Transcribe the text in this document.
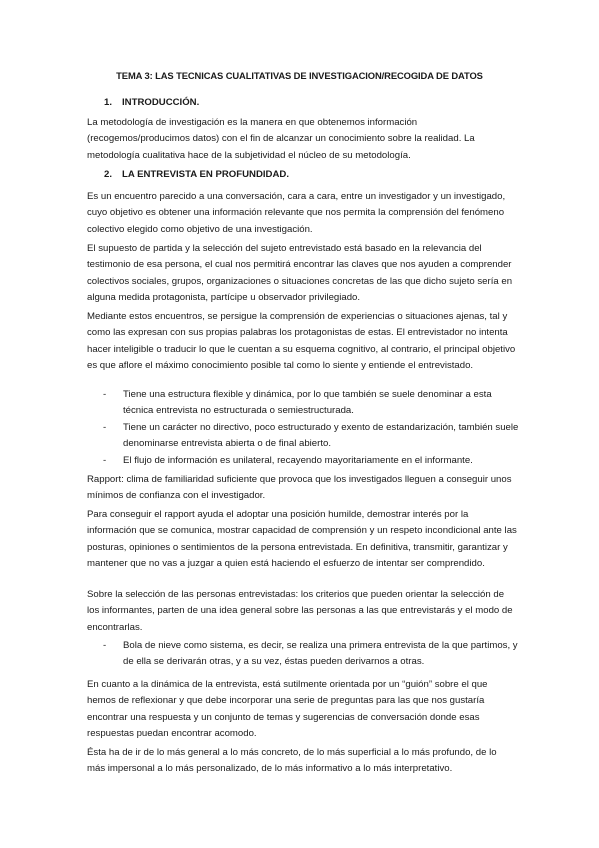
TEMA 3: LAS TECNICAS CUALITATIVAS DE INVESTIGACION/RECOGIDA DE DATOS
1. INTRODUCCIÓN.

La metodología de investigación es la manera en que obtenemos información (recogemos/producimos datos) con el fin de alcanzar un conocimiento sobre la realidad. La metodología cualitativa hace de la subjetividad el núcleo de su metodología.

2. LA ENTREVISTA EN PROFUNDIDAD.

Es un encuentro parecido a una conversación, cara a cara, entre un investigador y un investigado, cuyo objetivo es obtener una información relevante que nos permita la comprensión del fenómeno colectivo elegido como objetivo de una investigación.

El supuesto de partida y la selección del sujeto entrevistado está basado en la relevancia del testimonio de esa persona, el cual nos permitirá encontrar las claves que nos ayuden a comprender colectivos sociales, grupos, organizaciones o situaciones concretas de las que dicho sujeto sería en alguna medida protagonista, partícipe u observador privilegiado.

Mediante estos encuentros, se persigue la comprensión de experiencias o situaciones ajenas, tal y como las expresan con sus propias palabras los protagonistas de estas. El entrevistador no intenta hacer inteligible o traducir lo que le cuentan a su esquema cognitivo, al contrario, el principal objetivo es que aflore el máximo conocimiento posible tal como lo siente y entiende el entrevistado.

- Tiene una estructura flexible y dinámica, por lo que también se suele denominar a esta técnica entrevista no estructurada o semiestructurada.
- Tiene un carácter no directivo, poco estructurado y exento de estandarización, también suele denominarse entrevista abierta o de final abierto.
- El flujo de información es unilateral, recayendo mayoritariamente en el informante.

Rapport: clima de familiaridad suficiente que provoca que los investigados lleguen a conseguir unos mínimos de confianza con el investigador.

Para conseguir el rapport ayuda el adoptar una posición humilde, demostrar interés por la información que se comunica, mostrar capacidad de comprensión y un respeto incondicional ante las posturas, opiniones o sentimientos de la persona entrevistada. En definitiva, transmitir, garantizar y mantener que no vas a juzgar a quien está haciendo el esfuerzo de intentar ser comprendido.

Sobre la selección de las personas entrevistadas: los criterios que pueden orientar la selección de los informantes, parten de una idea general sobre las personas a las que entrevistarás y el modo de encontrarlas.

- Bola de nieve como sistema, es decir, se realiza una primera entrevista de la que partimos, y de ella se derivarán otras, y a su vez, éstas pueden derivarnos a otras.

En cuanto a la dinámica de la entrevista, está sutilmente orientada por un “guión” sobre el que hemos de reflexionar y que debe incorporar una serie de preguntas para las que nos gustaría encontrar una respuesta y un conjunto de temas y sugerencias de conversación donde esas respuestas puedan encontrar acomodo.

Ésta ha de ir de lo más general a lo más concreto, de lo más superficial a lo más profundo, de lo más impersonal a lo más personalizado, de lo más informativo a lo más interpretativo.
